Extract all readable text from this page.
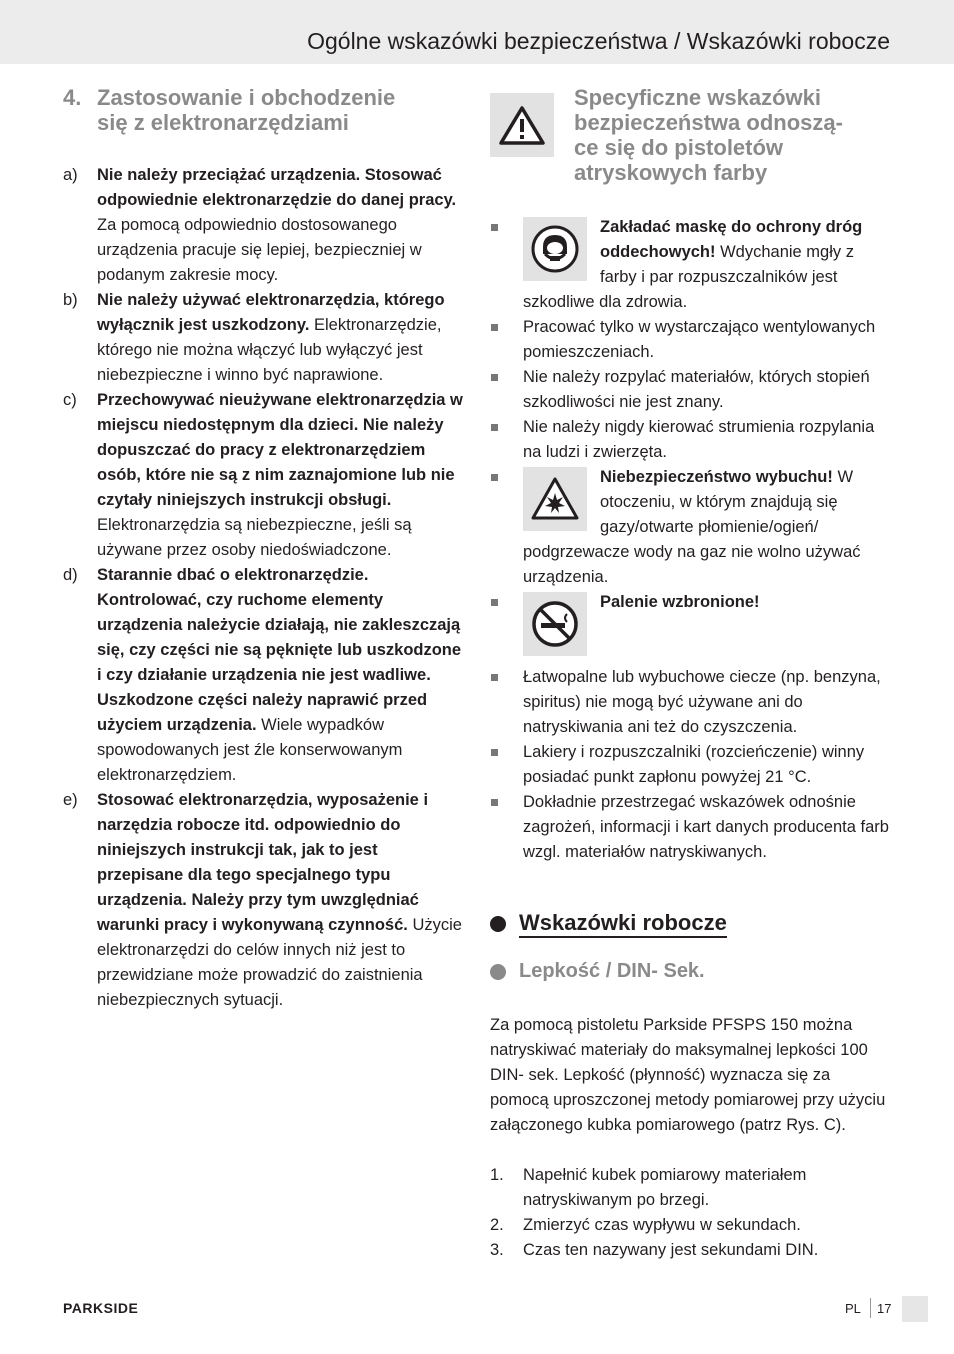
Ogólne wskazówki bezpieczeństwa / Wskazówki robocze
4. Zastosowanie i obchodzenie
się z elektronarzędziami
a)	Nie należy przeciążać urządzenia. Stosować odpowiednie elektronarzędzie do danej pracy. Za pomocą odpowiednio dostosowanego urządzenia pracuje się lepiej, bezpieczniej w podanym zakresie mocy.
b)	Nie należy używać elektronarzędzia, którego wyłącznik jest uszkodzony. Elektronarzędzie, którego nie można włączyć lub wyłączyć jest niebezpieczne i winno być naprawione.
c)	Przechowywać nieużywane elektronarzędzia w miejscu niedostępnym dla dzieci. Nie należy dopuszczać do pracy z elektronarzędziem osób, które nie są z nim zaznajomione lub nie czytały niniejszych instrukcji obsługi. Elektronarzędzia są niebezpieczne, jeśli są używane przez osoby niedoświadczone.
d)	Starannie dbać o elektronarzędzie. Kontrolować, czy ruchome elementy urządzenia należycie działają, nie zakleszczają się, czy części nie są pęknięte lub uszkodzone i czy działanie urządzenia nie jest wadliwe. Uszkodzone części należy naprawić przed użyciem urządzenia. Wiele wypadków spowodowanych jest źle konserwowanym elektronarzędziem.
e)	Stosować elektronarzędzia, wyposażenie i narzędzia robocze itd. odpowiednio do niniejszych instrukcji tak, jak to jest przepisane dla tego specjalnego typu urządzenia. Należy przy tym uwzględniać warunki pracy i wykonywaną czynność. Użycie elektronarzędzi do celów innych niż jest to przewidziane może prowadzić do zaistnienia niebezpiecznych sytuacji.
Specyficzne wskazówki
bezpieczeństwa odnoszą-
ce się do pistoletów
atryskowych farby
Zakładać maskę do ochrony dróg oddechowych! Wdychanie mgły z farby i par rozpuszczalników jest szkodliwe dla zdrowia.
Pracować tylko w wystarczająco wentylowanych pomieszczeniach.
Nie należy rozpylać materiałów, których stopień szkodliwości nie jest znany.
Nie należy nigdy kierować strumienia rozpylania na ludzi i zwierzęta.
Niebezpieczeństwo wybuchu! W otoczeniu, w którym znajdują się gazy/otwarte płomienie/ogień/ podgrzewacze wody na gaz nie wolno używać urządzenia.
Palenie wzbronione!
Łatwopalne lub wybuchowe ciecze (np. benzyna, spiritus) nie mogą być używane ani do natryskiwania ani też do czyszczenia.
Lakiery i rozpuszczalniki (rozcieńczenie) winny posiadać punkt zapłonu powyżej 21 °C.
Dokładnie przestrzegać wskazówek odnośnie zagrożeń, informacji i kart danych producenta farb wzgl. materiałów natryskiwanych.
Wskazówki robocze
Lepkość / DIN- Sek.
Za pomocą pistoletu Parkside PFSPS 150 można natryskiwać materiały do maksymalnej lepkości 100 DIN- sek. Lepkość (płynność) wyznacza się za pomocą uproszczonej metody pomiarowej przy użyciu załączonego kubka pomiarowego (patrz Rys. C).
1.	Napełnić kubek pomiarowy materiałem natryskiwanym po brzegi.
2.	Zmierzyć czas wypływu w sekundach.
3.	Czas ten nazywany jest sekundami DIN.
PARKSIDE	PL 17
